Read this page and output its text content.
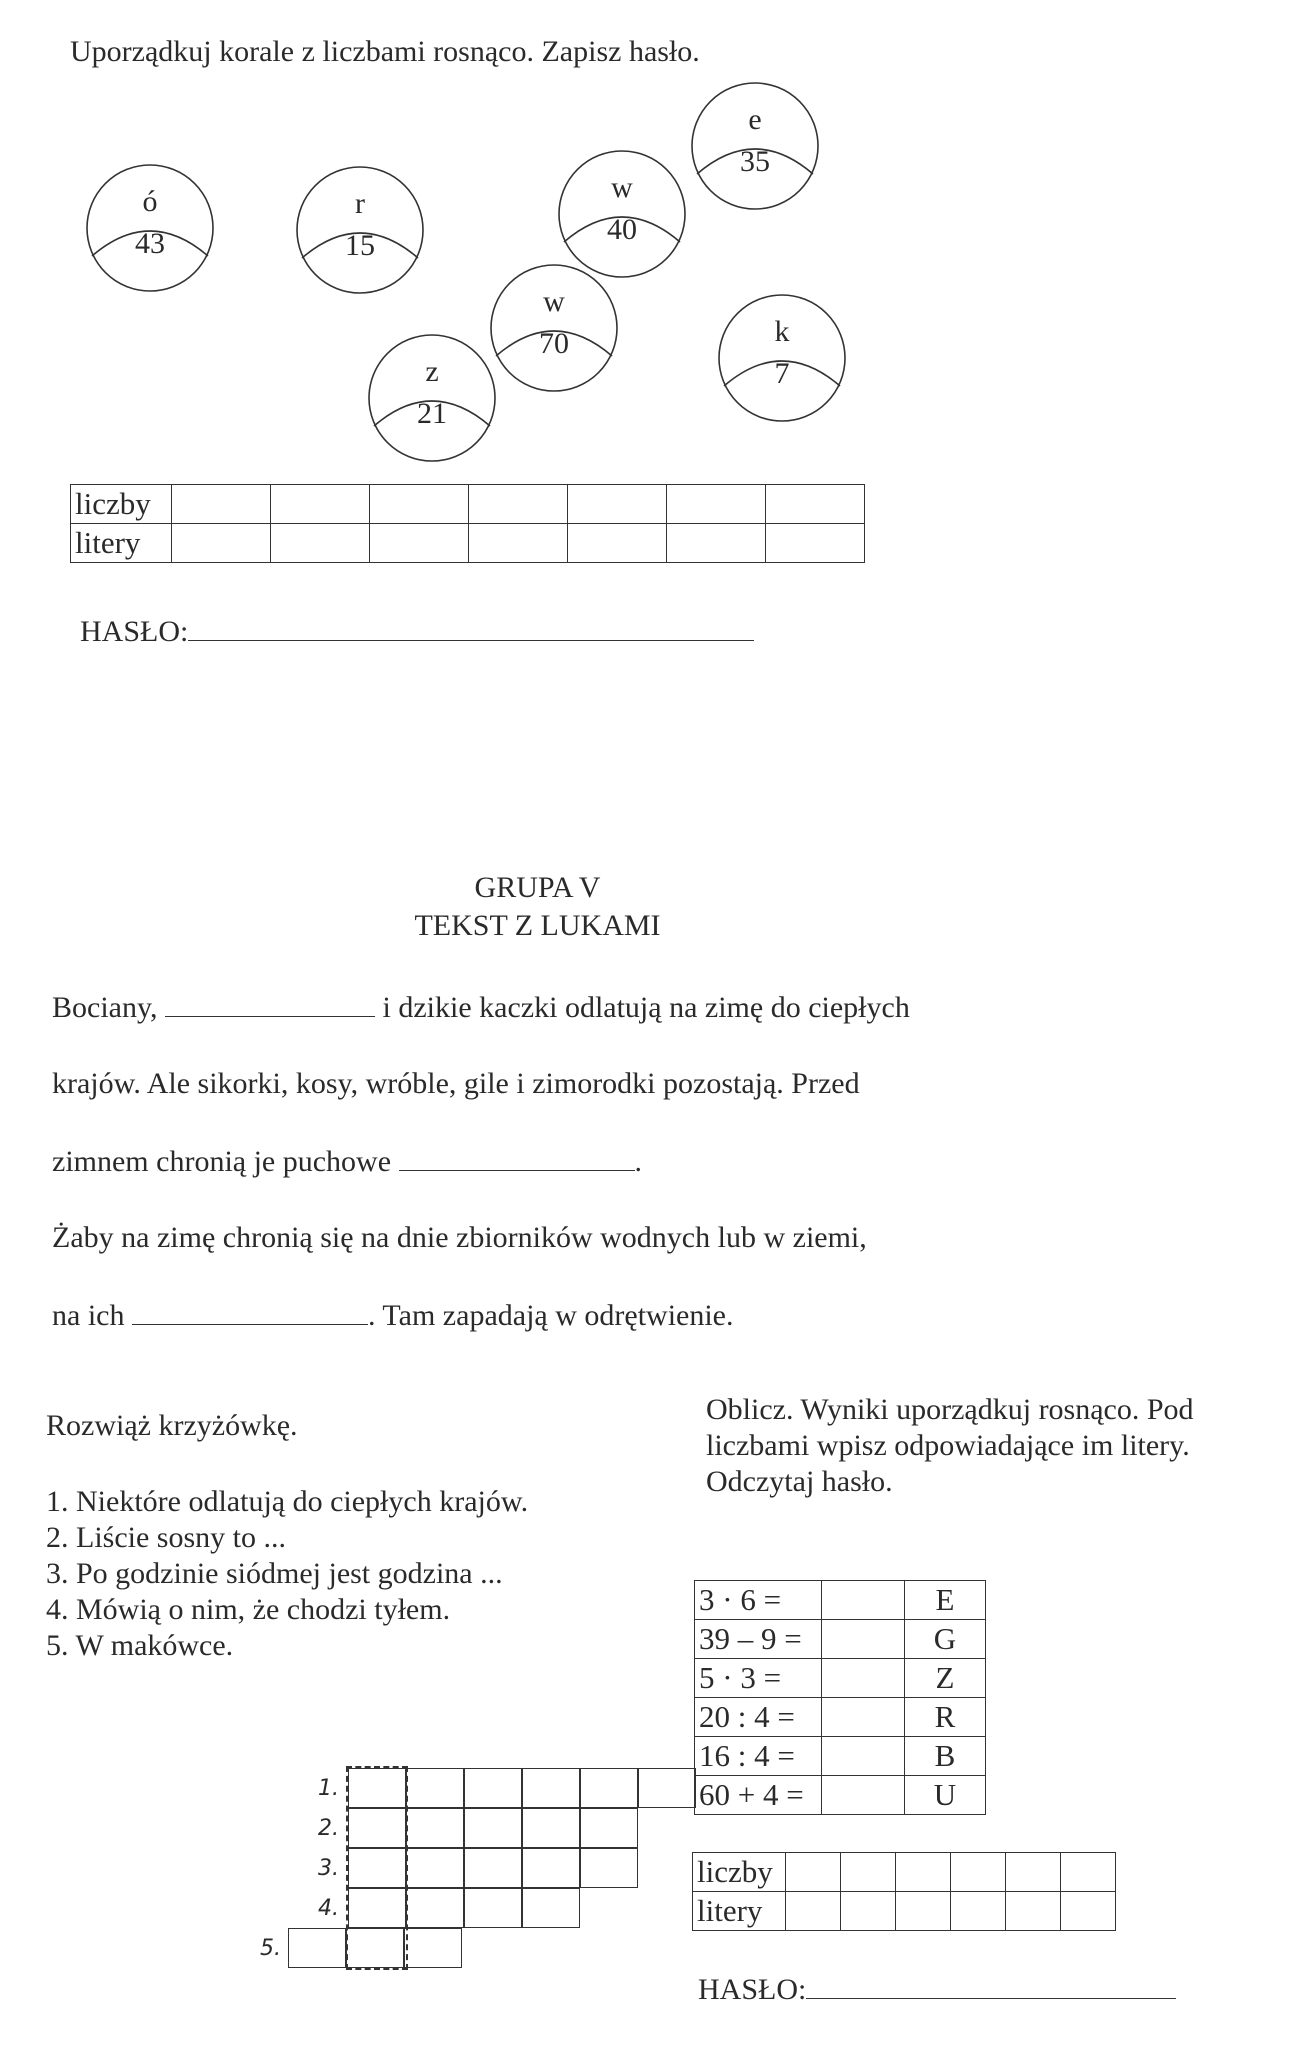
Uporządkuj korale z liczbami rosnąco. Zapisz hasło.
ó
43
r
15
z
21
w
70
w
40
e
35
k
7
liczby							
litery							
HASŁO:
GRUPA V
TEKST Z LUKAMI
Bociany,	i dzikie kaczki odlatują na zimę do ciepłych
krajów. Ale sikorki, kosy, wróble, gile i zimorodki pozostają. Przed
zimnem chronią je puchowe	.
Żaby na zimę chronią się na dnie zbiorników wodnych lub w ziemi,
na ich	. Tam zapadają w odrętwienie.
Rozwiąż krzyżówkę.
1. Niektóre odlatują do ciepłych krajów.
2. Liście sosny to ...
3. Po godzinie siódmej jest godzina ...
4. Mówią o nim, że chodzi tyłem.
5. W makówce.
1.
2.
3.
4.
5.
Oblicz. Wyniki uporządkuj rosnąco. Pod
liczbami wpisz odpowiadające im litery.
Odczytaj hasło.
3 · 6 =		E
39 – 9 =		G
5 · 3 =		Z
20 : 4 =		R
16 : 4 =		B
60 + 4 =		U
liczby						
litery						
HASŁO:
